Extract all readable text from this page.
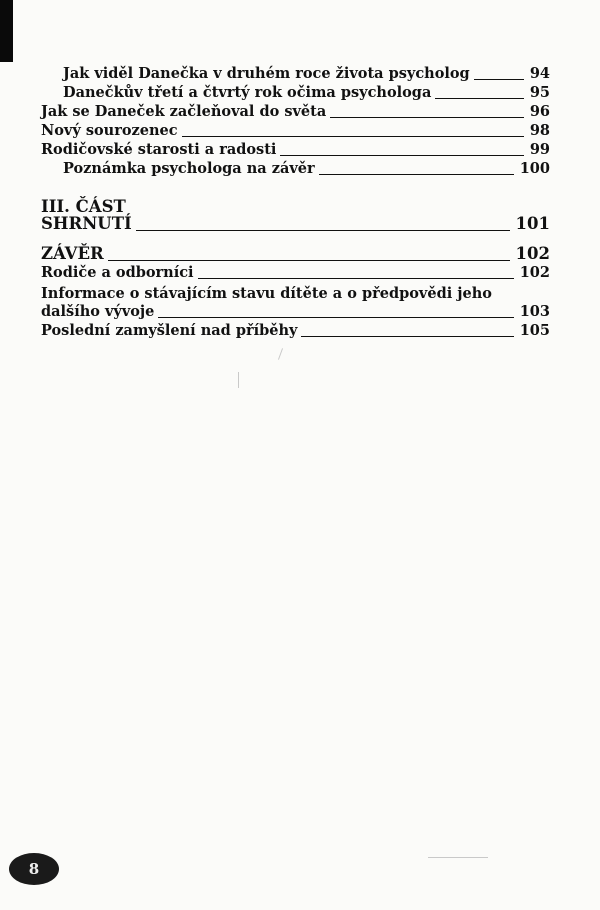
Jak viděl Danečka v druhém roce života psycholog	94
Danečkův třetí a čtvrtý rok očima psychologa	95
Jak se Daneček začleňoval do světa	96
Nový sourozenec	98
Rodičovské starosti a radosti	99
Poznámka psychologa na závěr	100
III. ČÁST
SHRNUTÍ	101
ZÁVĚR	102
Rodiče a odborníci	102
Informace o stávajícím stavu dítěte a o předpovědi jeho
dalšího vývoje	103
Poslední zamyšlení nad příběhy	105
8
